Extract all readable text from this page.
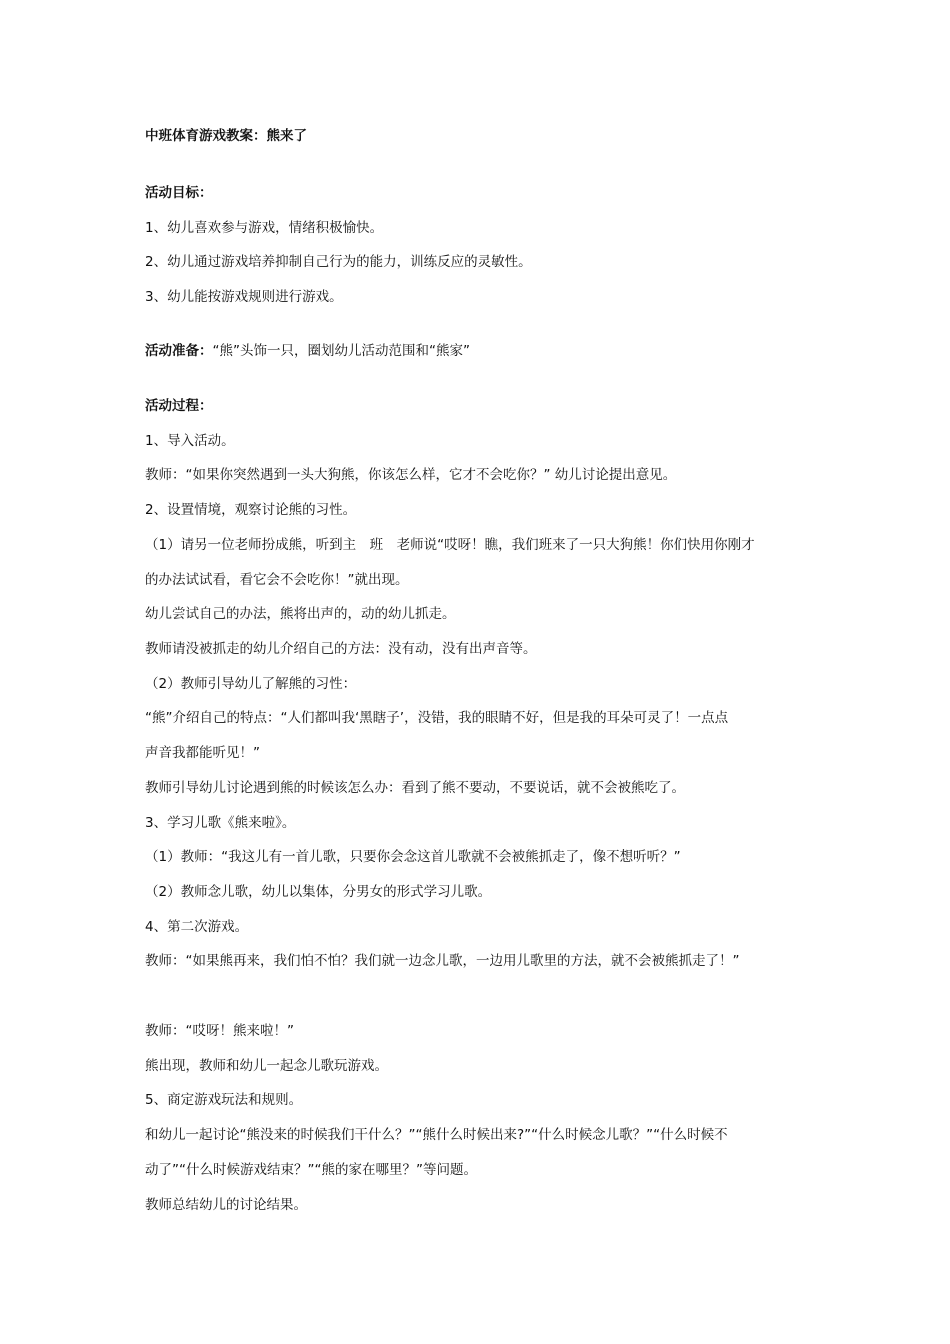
中班体育游戏教案：熊来了
活动目标：
1、幼儿喜欢参与游戏，情绪积极愉快。
2、幼儿通过游戏培养抑制自己行为的能力，训练反应的灵敏性。
3、幼儿能按游戏规则进行游戏。
活动准备：“熊”头饰一只，圈划幼儿活动范围和“熊家”
活动过程：
1、导入活动。
教师：“如果你突然遇到一头大狗熊，你该怎么样，它才不会吃你？” 幼儿讨论提出意见。
2、设置情境，观察讨论熊的习性。
（1）请另一位老师扮成熊，听到主　班　老师说“哎呀！瞧，我们班来了一只大狗熊！你们快用你刚才
的办法试试看，看它会不会吃你！”就出现。
幼儿尝试自己的办法，熊将出声的，动的幼儿抓走。
教师请没被抓走的幼儿介绍自己的方法：没有动，没有出声音等。
（2）教师引导幼儿了解熊的习性：
“熊”介绍自己的特点：“人们都叫我‘黑瞎子’，没错，我的眼睛不好，但是我的耳朵可灵了！一点点
声音我都能听见！”
教师引导幼儿讨论遇到熊的时候该怎么办：看到了熊不要动，不要说话，就不会被熊吃了。
3、学习儿歌《熊来啦》。
（1）教师：“我这儿有一首儿歌，只要你会念这首儿歌就不会被熊抓走了，像不想听听？”
（2）教师念儿歌，幼儿以集体，分男女的形式学习儿歌。
4、第二次游戏。
教师：“如果熊再来，我们怕不怕？我们就一边念儿歌，一边用儿歌里的方法，就不会被熊抓走了！”
教师：“哎呀！熊来啦！”
熊出现，教师和幼儿一起念儿歌玩游戏。
5、商定游戏玩法和规则。
和幼儿一起讨论“熊没来的时候我们干什么？”“熊什么时候出来?”“什么时候念儿歌？”“什么时候不
动了”“什么时候游戏结束？”“熊的家在哪里？”等问题。
教师总结幼儿的讨论结果。
